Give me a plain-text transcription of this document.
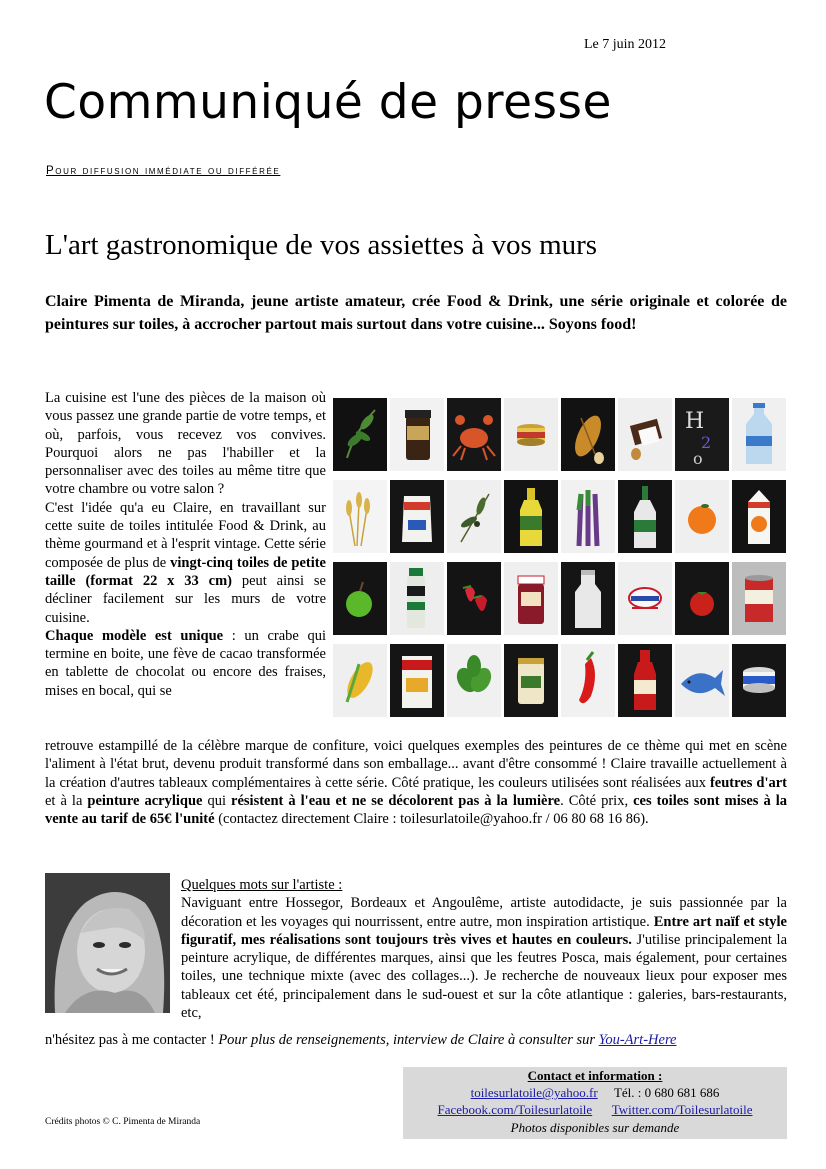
Le 7 juin 2012
Communiqué de presse
Pour diffusion immédiate ou différée
L'art gastronomique de vos assiettes à vos murs
Claire Pimenta de Miranda, jeune artiste amateur, crée Food & Drink, une série originale et colorée de peintures sur toiles, à accrocher partout mais surtout dans votre cuisine... Soyons food!

La cuisine est l'une des pièces de la maison où vous passez une grande partie de votre temps, et où, parfois, vous recevez vos convives. Pourquoi alors ne pas l'habiller et la personnaliser avec des toiles au même titre que votre chambre ou votre salon ?

C'est l'idée qu'a eu Claire, en travaillant sur cette suite de toiles intitulée Food & Drink, au thème gourmand et à l'esprit vintage. Cette série composée de plus de vingt-cinq toiles de petite taille (format 22 x 33 cm) peut ainsi se décliner facilement sur les murs de votre cuisine.

Chaque modèle est unique : un crabe qui termine en boite, une fève de cacao transformée en tablette de chocolat ou encore des fraises, mises en bocal, qui se

H
2
o
retrouve estampillé de la célèbre marque de confiture, voici quelques exemples des peintures de ce thème qui met en scène l'aliment à l'état brut, devenu produit transformé dans son emballage... avant d'être consommé ! Claire travaille actuellement à la création d'autres tableaux complémentaires à cette série. Côté pratique, les couleurs utilisées sont réalisées aux feutres d'art et à la peinture acrylique qui résistent à l'eau et ne se décolorent pas à la lumière. Côté prix, ces toiles sont mises à la vente au tarif de 65€ l'unité (contactez directement Claire : toilesurlatoile@yahoo.fr / 06 80 68 16 86).
Quelques mots sur l'artiste :
Naviguant entre Hossegor, Bordeaux et Angoulême, artiste autodidacte, je suis passionnée par la décoration et les voyages qui nourrissent, entre autre, mon inspiration artistique. Entre art naïf et style figuratif, mes réalisations sont toujours très vives et hautes en couleurs. J'utilise principalement la peinture acrylique, de différentes marques, ainsi que les feutres Posca, mais également, pour certaines toiles, une technique mixte (avec des collages...). Je recherche de nouveaux lieux pour exposer mes tableaux cet été, principalement dans le sud-ouest et sur la côte atlantique : galeries, bars-restaurants, etc,
n'hésitez pas à me contacter ! Pour plus de renseignements, interview de Claire à consulter sur You-Art-Here
Crédits photos © C. Pimenta de Miranda
Contact et information :
toilesurlatoile@yahoo.fr Tél. : 0 680 681 686
Facebook.com/Toilesurlatoile Twitter.com/Toilesurlatoile
Photos disponibles sur demande
